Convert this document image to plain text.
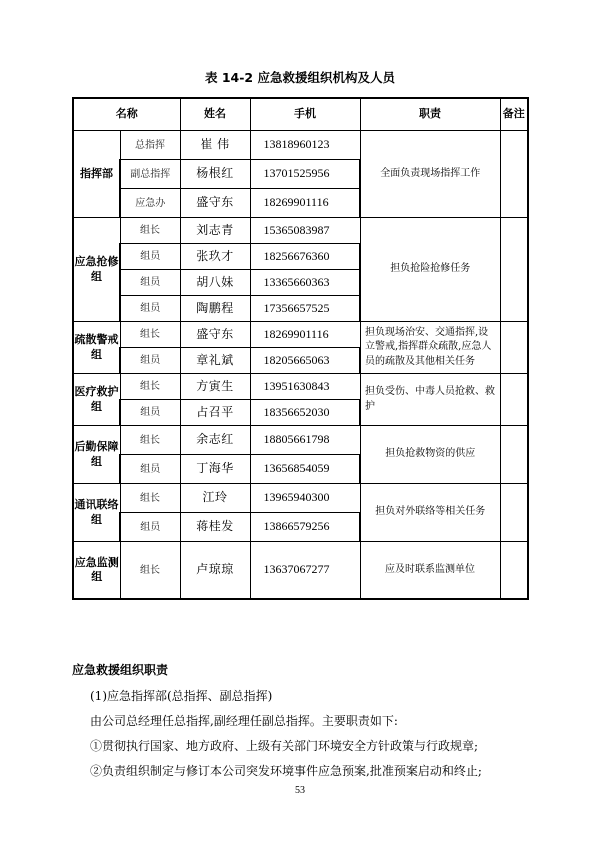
表 14-2 应急救援组织机构及人员
名称		姓名	手机	职责	备注
指挥部	总指挥	崔 伟	13818960123	全面负责现场指挥工作	
	副总指挥	杨根红	13701525956		
	应急办	盛守东	18269901116		
应急抢修组	组长	刘志青	15365083987	担负抢险抢修任务	
	组员	张玖才	18256676360		
	组员	胡八妹	13365660363		
	组员	陶鹏程	17356657525		
疏散警戒组	组长	盛守东	18269901116	担负现场治安、交通指挥,设立警戒,指挥群众疏散,应急人员的疏散及其他相关任务	
	组员	章礼斌	18205665063		
医疗救护组	组长	方寅生	13951630843	担负受伤、中毒人员抢救、救护	
	组员	占召平	18356652030		
后勤保障组	组长	余志红	18805661798	担负抢救物资的供应	
	组员	丁海华	13656854059		
通讯联络组	组长	江玲	13965940300	担负对外联络等相关任务	
	组员	蒋桂发	13866579256		
应急监测组	组长	卢琼琼	13637067277	应及时联系监测单位	
应急救援组织职责
(1)应急指挥部(总指挥、副总指挥)
由公司总经理任总指挥,副经理任副总指挥。主要职责如下:
①贯彻执行国家、地方政府、上级有关部门环境安全方针政策与行政规章;
②负责组织制定与修订本公司突发环境事件应急预案,批准预案启动和终止;
53
